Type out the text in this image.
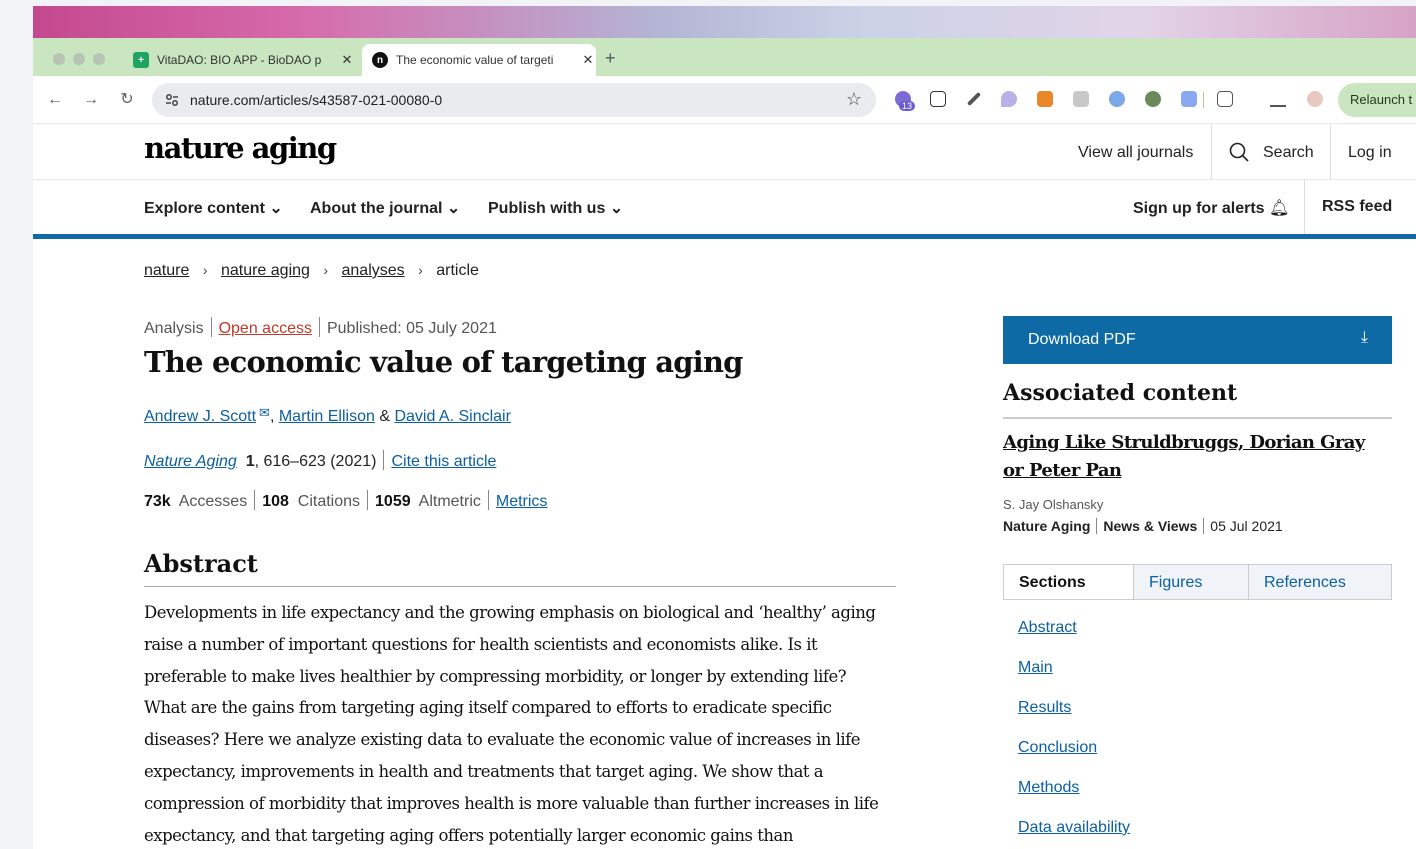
+	VitaDAO: BIO APP - BioDAO p	✕	n	The economic value of targeti	✕ +
← → ↻	nature.com/articles/s43587-021-00080-0	☆	13	Relaunch t
nature aging	View all journals	Search Log in
Explore content ⌄ About the journal ⌄ Publish with us ⌄	Sign up for alerts 🔔︎ RSS feed
nature › nature aging › analyses › article
Analysis Open access Published: 05 July 2021
The economic value of targeting aging
Andrew J. Scott ✉, Martin Ellison & David A. Sinclair
Nature Aging 1, 616–623 (2021) Cite this article
73k Accesses 108 Citations 1059 Altmetric Metrics
Abstract
Developments in life expectancy and the growing emphasis on biological and ‘healthy’ aging
raise a number of important questions for health scientists and economists alike. Is it
preferable to make lives healthier by compressing morbidity, or longer by extending life?
What are the gains from targeting aging itself compared to efforts to eradicate specific
diseases? Here we analyze existing data to evaluate the economic value of increases in life
expectancy, improvements in health and treatments that target aging. We show that a
compression of morbidity that improves health is more valuable than further increases in life
expectancy, and that targeting aging offers potentially larger economic gains than
Download PDF	⤓
Associated content
Aging Like Struldbruggs, Dorian Gray or Peter Pan
S. Jay Olshansky
Nature Aging News & Views 05 Jul 2021
Sections	Figures	References
Abstract
Main
Results
Conclusion
Methods
Data availability
